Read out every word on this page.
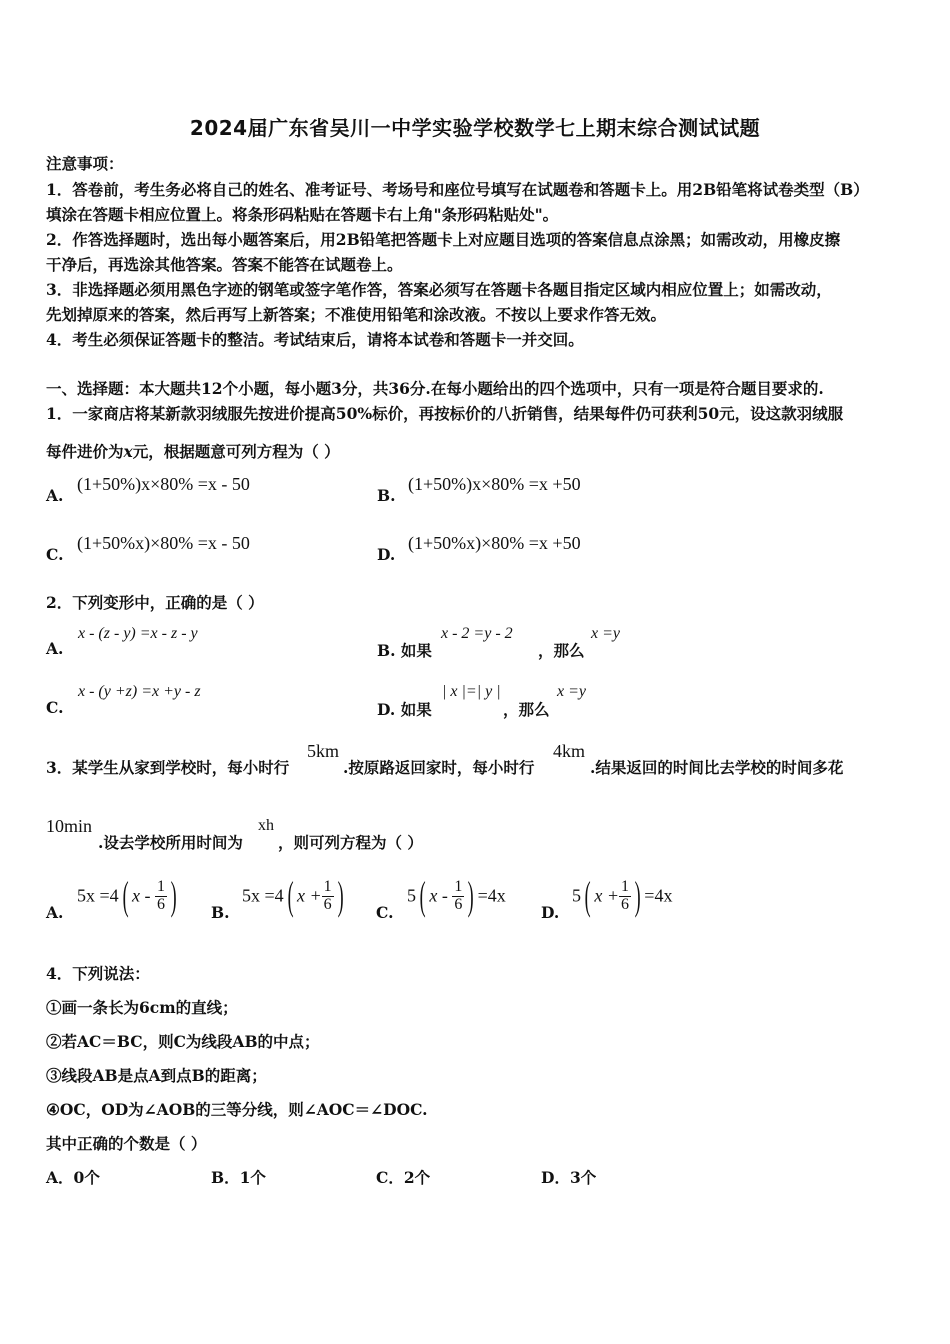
2024届广东省吴川一中学实验学校数学七上期末综合测试试题
注意事项：
1．答卷前，考生务必将自己的姓名、准考证号、考场号和座位号填写在试题卷和答题卡上。用2B铅笔将试卷类型（B）
填涂在答题卡相应位置上。将条形码粘贴在答题卡右上角"条形码粘贴处"。
2．作答选择题时，选出每小题答案后，用2B铅笔把答题卡上对应题目选项的答案信息点涂黑；如需改动，用橡皮擦
干净后，再选涂其他答案。答案不能答在试题卷上。
3．非选择题必须用黑色字迹的钢笔或签字笔作答，答案必须写在答题卡各题目指定区域内相应位置上；如需改动，
先划掉原来的答案，然后再写上新答案；不准使用铅笔和涂改液。不按以上要求作答无效。
4．考生必须保证答题卡的整洁。考试结束后，请将本试卷和答题卡一并交回。
一、选择题：本大题共12个小题，每小题3分，共36分.在每小题给出的四个选项中，只有一项是符合题目要求的.
1．一家商店将某新款羽绒服先按进价提高50%标价，再按标价的八折销售，结果每件仍可获利50元，设这款羽绒服
每件进价为x元，根据题意可列方程为（ ）
A.
(1+50%)x×80% =x - 50
B.
(1+50%)x×80% =x +50
C.
(1+50%x)×80% =x - 50
D.
(1+50%x)×80% =x +50
2．下列变形中，正确的是（ ）
A.
x - (z - y) =x - z - y
B. 如果
x - 2 =y - 2
，那么
x =y
C.
x - (y +z) =x +y - z
D. 如果
| x |=| y |
，那么
x =y
3．某学生从家到学校时，每小时行
5km
.按原路返回家时，每小时行
4km
.结果返回的时间比去学校的时间多花
10min
.设去学校所用时间为
xh
，则可列方程为（ ）
A.
5x =4( x - $\frac{1}{6}$ ) B.
5x =4( $x + \frac{1}{6}$ ) C.
5( x - $\frac{1}{6}$ ) =4x
D.
5( $x + \frac{1}{6}$ ) =4x
4．下列说法：
①画一条长为6cm的直线；
②若AC＝BC，则C为线段AB的中点；
③线段AB是点A到点B的距离；
④OC，OD为∠AOB的三等分线，则∠AOC＝∠DOC.
其中正确的个数是（ ）
A．0个	B．1个	C．2个	D．3个
